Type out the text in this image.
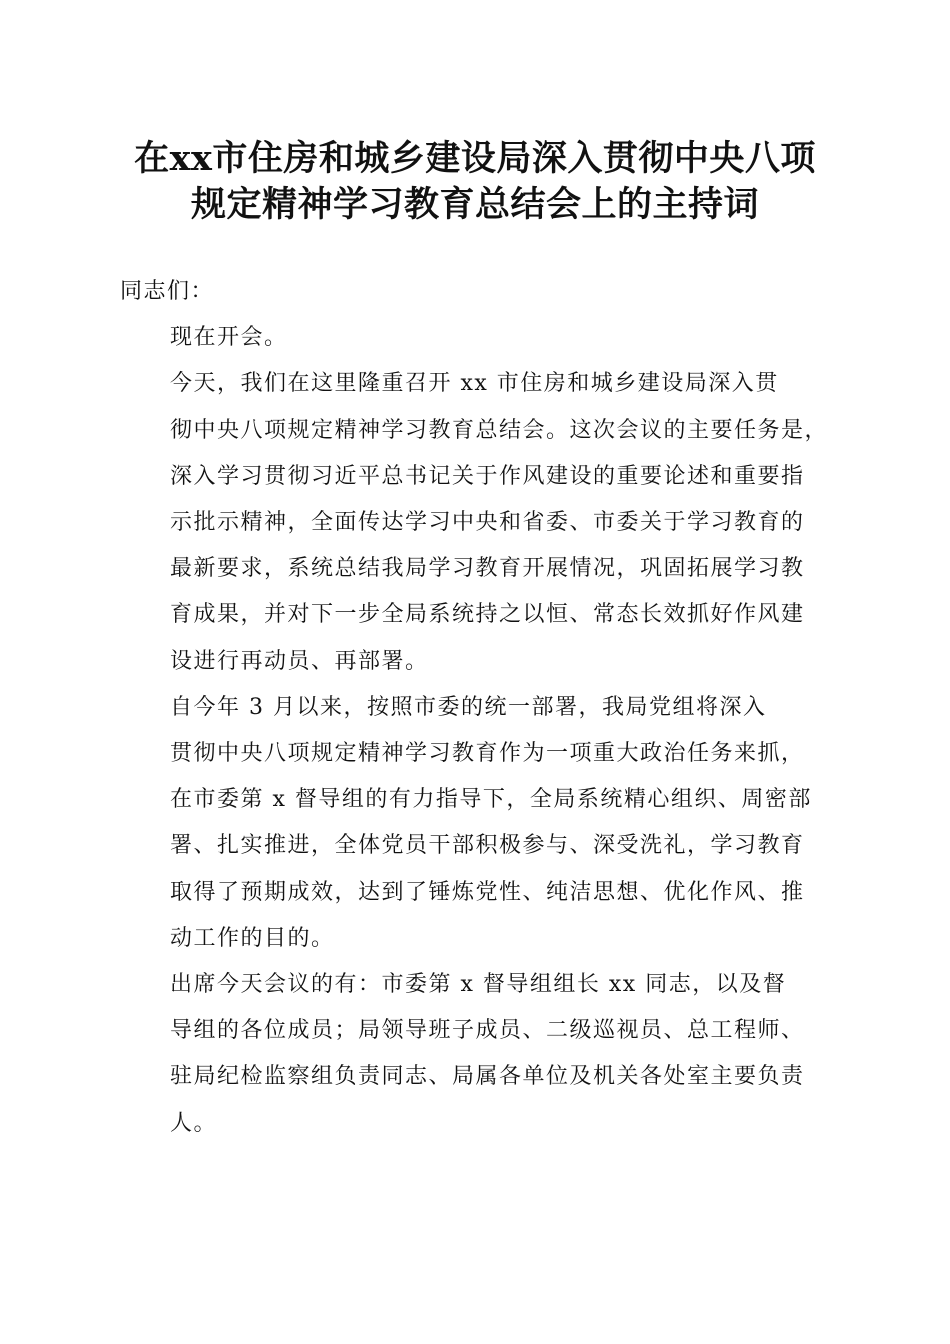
在xx市住房和城乡建设局深入贯彻中央八项
规定精神学习教育总结会上的主持词

同志们：

现在开会。

今天，我们在这里隆重召开 xx 市住房和城乡建设局深入贯
彻中央八项规定精神学习教育总结会。这次会议的主要任务是，
深入学习贯彻习近平总书记关于作风建设的重要论述和重要指
示批示精神，全面传达学习中央和省委、市委关于学习教育的
最新要求，系统总结我局学习教育开展情况，巩固拓展学习教
育成果，并对下一步全局系统持之以恒、常态长效抓好作风建
设进行再动员、再部署。

自今年 3 月以来，按照市委的统一部署，我局党组将深入
贯彻中央八项规定精神学习教育作为一项重大政治任务来抓，
在市委第 x 督导组的有力指导下，全局系统精心组织、周密部
署、扎实推进，全体党员干部积极参与、深受洗礼，学习教育
取得了预期成效，达到了锤炼党性、纯洁思想、优化作风、推
动工作的目的。

出席今天会议的有：市委第 x 督导组组长 xx 同志，以及督
导组的各位成员；局领导班子成员、二级巡视员、总工程师、
驻局纪检监察组负责同志、局属各单位及机关各处室主要负责
人。
